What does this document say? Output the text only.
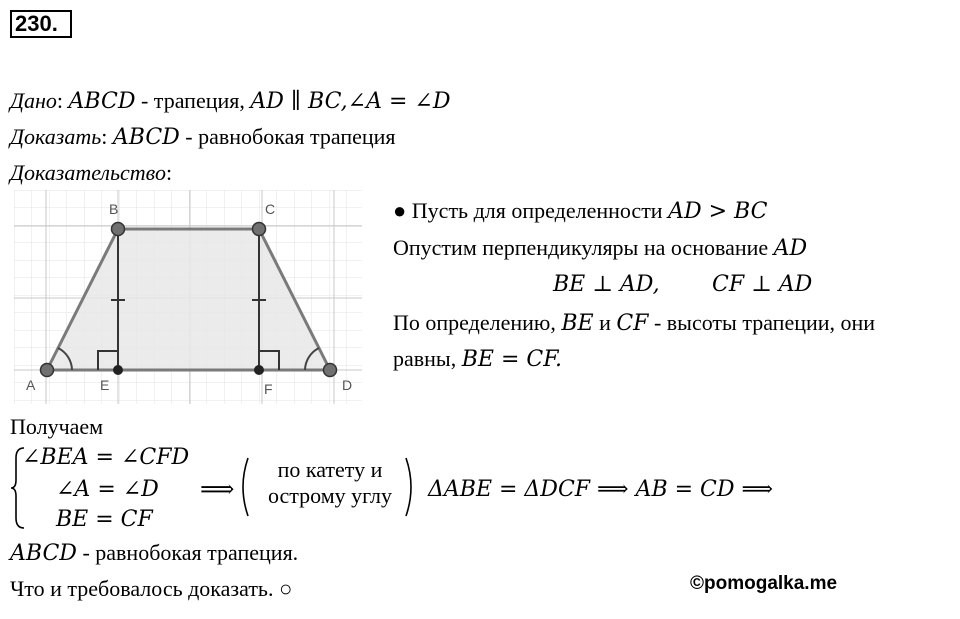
230.
Дано: ABCD - трапеция, AD ∥ BC,∠A = ∠D
Доказать: ABCD - равнобокая трапеция
Доказательство:
A
B	C
D
E	F
● Пусть для определенности AD > BC
Опустим перпендикуляры на основание AD
BE ⊥ AD, CF ⊥ AD
По определению, BE и CF - высоты трапеции, они
равны, BE = CF.
Получаем
∠BEA = ∠CFD
∠A = ∠D
BE = CF
⟹
по катету и
острому углу	ΔABE = ΔDCF ⟹ AB = CD ⟹
ABCD - равнобокая трапеция.
Что и требовалось доказать. ○	©pomogalka.me
